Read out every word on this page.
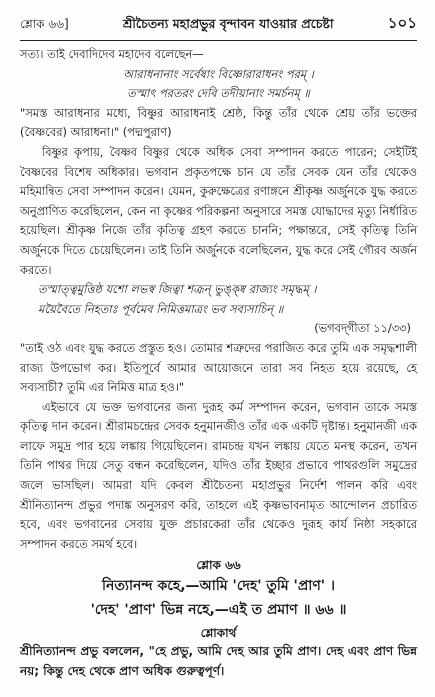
শ্লোক ৬৬]	শ্রীচৈতন্য মহাপ্রভুর বৃন্দাবন যাওয়ার প্রচেষ্টা	১০১

সত্য। তাই দেবাদিদেব মহাদেব বলেছেন—

আরাধনানাং সর্বেষাং বিষ্ণোরারাধনং পরম্ ।

তস্মাৎ পরতরং দেবি তদীয়ানাং সমর্চনম্ ॥

"সমস্ত আরাধনার মধ্যে, বিষ্ণুর আরাধনাই শ্রেষ্ঠ, কিন্তু তাঁর থেকে শ্রেয় তাঁর ভক্তের (বৈষ্ণবের) আরাধনা।" (পদ্মপুরাণ)

বিষ্ণুর কৃপায়, বৈষ্ণব বিষ্ণুর থেকে অধিক সেবা সম্পাদন করতে পারেন; সেইটিই বৈষ্ণবের বিশেষ অধিকার। ভগবান প্রকৃতপক্ষে চান যে তাঁর সেবক যেন তাঁর থেকেও মহিমান্বিত সেবা সম্পাদন করেন। যেমন, কুরুক্ষেত্রের রণাঙ্গনে শ্রীকৃষ্ণ অর্জুনকে যুদ্ধ করতে অনুপ্রাণিত করেছিলেন, কেন না কৃষ্ণের পরিকল্পনা অনুসারে সমস্ত যোদ্ধাদের মৃত্যু নির্ধারিত হয়েছিল। শ্রীকৃষ্ণ নিজে তাঁর কৃতিত্ব গ্রহণ করতে চাননি; পক্ষান্তরে, সেই কৃতিত্ব তিনি অর্জুনকে দিতে চেয়েছিলেন। তাই তিনি অর্জুনকে বলেছিলেন, যুদ্ধ করে সেই গৌরব অর্জন করতে।

তস্মাত্ত্বমুত্তিষ্ঠ যশো লভস্ব জিত্বা শত্রূন্ ভুঙ্ক্ষ্ব রাজ্যং সমৃদ্ধম্ ।

ময়ৈবৈতে নিহতাঃ পূর্বমেব নিমিত্তমাত্রং ভব সব্যসাচিন্ ॥

(ভগবদ্‌গীতা ১১/৩৩)

"তাই ওঠ এবং যুদ্ধ করতে প্রস্তুত হও। তোমার শত্রুদের পরাজিত করে তুমি এক সমৃদ্ধশালী রাজ্য উপভোগ কর। ইতিপূর্বে আমার আয়োজনে তারা সব নিহত হয়ে রয়েছে, হে সব্যসাচী? তুমি এর নিমিত্ত মাত্র হও।"

এইভাবে যে ভক্ত ভগবানের জন্য দুরূহ কর্ম সম্পাদন করেন, ভগবান তাকে সমস্ত কৃতিত্ব দান করেন। শ্রীরামচন্দ্রের সেবক হনুমানজীও তাঁর এক একটি দৃষ্টান্ত। হনুমানজী এক লাফে সমুদ্র পার হয়ে লঙ্কায় গিয়েছিলেন। রামচন্দ্র যখন লঙ্কায় যেতে মনস্থ করেন, তখন তিনি পাথর দিয়ে সেতু বন্ধন করেছিলেন, যদিও তাঁর ইচ্ছার প্রভাবে পাথরগুলি সমুদ্রের জলে ভাসছিল। আমরা যদি কেবল শ্রীচৈতন্য মহাপ্রভুর নির্দেশ পালন করি এবং শ্রীনিত্যানন্দ প্রভুর পদাঙ্ক অনুসরণ করি, তাহলে এই কৃষ্ণভাবনামৃত আন্দোলন প্রচারিত হবে, এবং ভগবানের সেবায় যুক্ত প্রচারকেরা তাঁর থেকেও দুরূহ কার্য নিষ্ঠা সহকারে সম্পাদন করতে সমর্থ হবে।

শ্লোক ৬৬

নিত্যানন্দ কহে,—আমি 'দেহ' তুমি 'প্রাণ' ।

'দেহ' 'প্রাণ' ভিন্ন নহে,—এই ত প্রমাণ ॥ ৬৬ ॥

শ্লোকার্থ

শ্রীনিত্যানন্দ প্রভু বললেন, "হে প্রভু, আমি দেহ আর তুমি প্রাণ। দেহ এবং প্রাণ ভিন্ন নয়; কিন্তু দেহ থেকে প্রাণ অধিক গুরুত্বপূর্ণ।
